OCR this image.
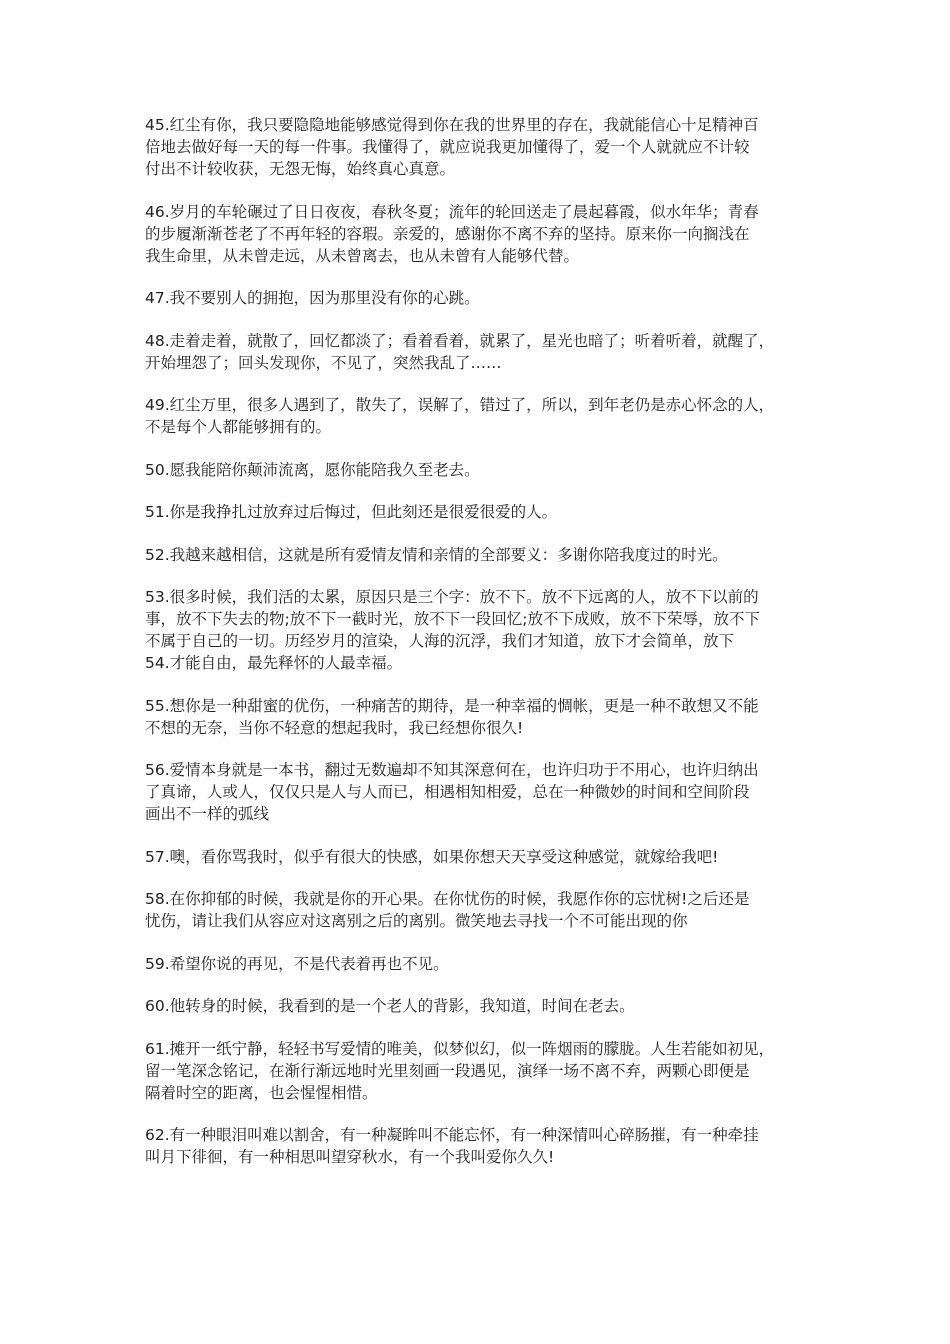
45.红尘有你，我只要隐隐地能够感觉得到你在我的世界里的存在，我就能信心十足精神百
倍地去做好每一天的每一件事。我懂得了，就应说我更加懂得了，爱一个人就就应不计较
付出不计较收获，无怨无悔，始终真心真意。
46.岁月的车轮碾过了日日夜夜，春秋冬夏；流年的轮回送走了晨起暮霞，似水年华；青春
的步履渐渐苍老了不再年轻的容瑕。亲爱的，感谢你不离不弃的坚持。原来你一向搁浅在
我生命里，从未曾走远，从未曾离去，也从未曾有人能够代替。
47.我不要别人的拥抱，因为那里没有你的心跳。
48.走着走着，就散了，回忆都淡了；看着看着，就累了，星光也暗了；听着听着，就醒了，
开始埋怨了；回头发现你，不见了，突然我乱了……
49.红尘万里，很多人遇到了，散失了，误解了，错过了，所以，到年老仍是赤心怀念的人，
不是每个人都能够拥有的。
50.愿我能陪你颠沛流离，愿你能陪我久至老去。
51.你是我挣扎过放弃过后悔过，但此刻还是很爱很爱的人。
52.我越来越相信，这就是所有爱情友情和亲情的全部要义：多谢你陪我度过的时光。
53.很多时候，我们活的太累，原因只是三个字：放不下。放不下远离的人，放不下以前的
事，放不下失去的物;放不下一截时光，放不下一段回忆;放不下成败，放不下荣辱，放不下
不属于自己的一切。历经岁月的渲染，人海的沉浮，我们才知道，放下才会简单，放下
54.才能自由，最先释怀的人最幸福。
55.想你是一种甜蜜的优伤，一种痛苦的期待，是一种幸福的惆帐，更是一种不敢想又不能
不想的无奈，当你不轻意的想起我时，我已经想你很久!
56.爱情本身就是一本书，翻过无数遍却不知其深意何在，也许归功于不用心，也许归纳出
了真谛，人或人，仅仅只是人与人而已，相遇相知相爱，总在一种微妙的时间和空间阶段
画出不一样的弧线
57.噢，看你骂我时，似乎有很大的快感，如果你想天天享受这种感觉，就嫁给我吧!
58.在你抑郁的时候，我就是你的开心果。在你忧伤的时候，我愿作你的忘忧树!之后还是
忧伤，请让我们从容应对这离别之后的离别。微笑地去寻找一个不可能出现的你
59.希望你说的再见，不是代表着再也不见。
60.他转身的时候，我看到的是一个老人的背影，我知道，时间在老去。
61.摊开一纸宁静，轻轻书写爱情的唯美，似梦似幻，似一阵烟雨的朦胧。人生若能如初见，
留一笔深念铭记，在渐行渐远地时光里刻画一段遇见，演绎一场不离不弃，两颗心即便是
隔着时空的距离，也会惺惺相惜。
62.有一种眼泪叫难以割舍，有一种凝眸叫不能忘怀，有一种深情叫心碎肠摧，有一种牵挂
叫月下徘徊，有一种相思叫望穿秋水，有一个我叫爱你久久!
